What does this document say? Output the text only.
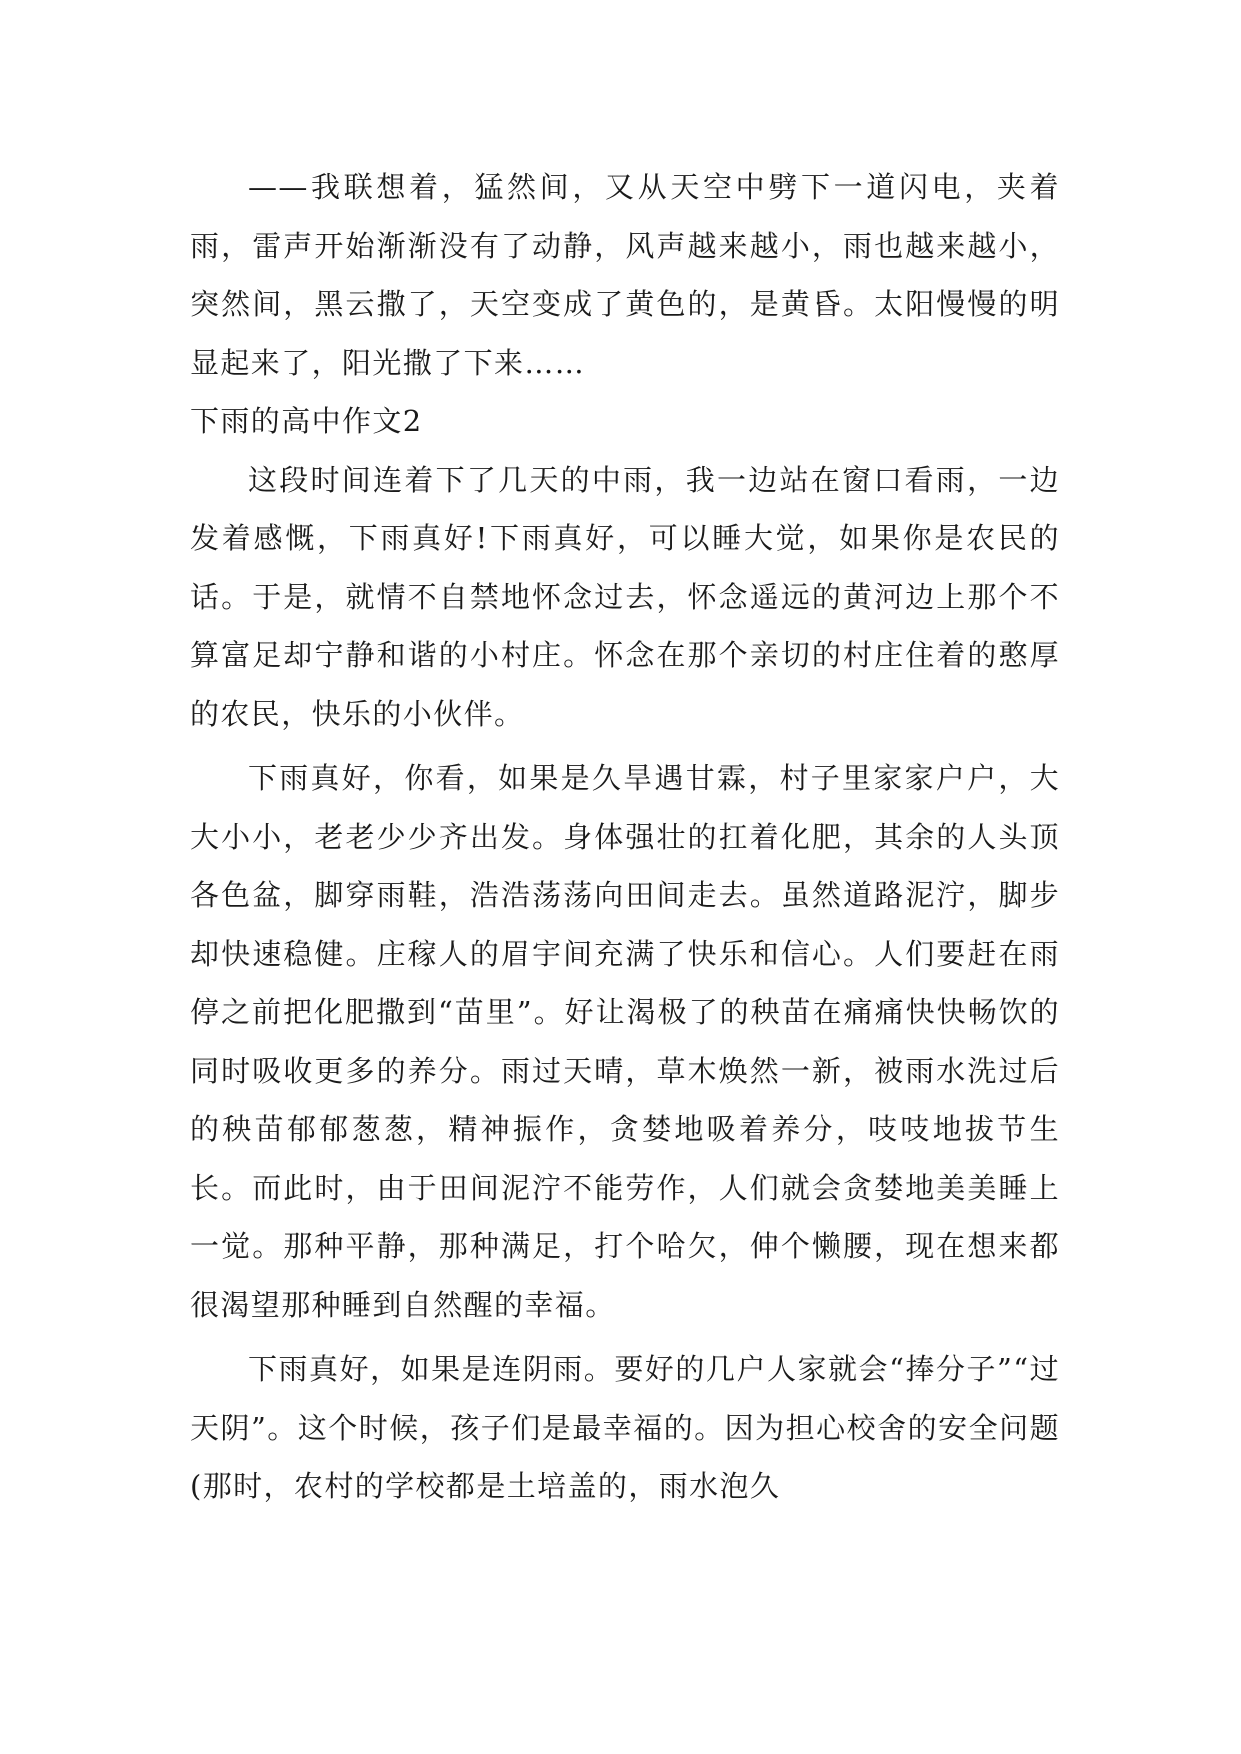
——我联想着，猛然间，又从天空中劈下一道闪电，夹着雨，雷声开始渐渐没有了动静，风声越来越小，雨也越来越小，突然间，黑云撒了，天空变成了黄色的，是黄昏。太阳慢慢的明显起来了，阳光撒了下来……

下雨的高中作文2

这段时间连着下了几天的中雨，我一边站在窗口看雨，一边发着感慨，下雨真好!下雨真好，可以睡大觉，如果你是农民的话。于是，就情不自禁地怀念过去，怀念遥远的黄河边上那个不算富足却宁静和谐的小村庄。怀念在那个亲切的村庄住着的憨厚的农民，快乐的小伙伴。

下雨真好，你看，如果是久旱遇甘霖，村子里家家户户，大大小小，老老少少齐出发。身体强壮的扛着化肥，其余的人头顶各色盆，脚穿雨鞋，浩浩荡荡向田间走去。虽然道路泥泞，脚步却快速稳健。庄稼人的眉宇间充满了快乐和信心。人们要赶在雨停之前把化肥撒到“苗里”。好让渴极了的秧苗在痛痛快快畅饮的同时吸收更多的养分。雨过天晴，草木焕然一新，被雨水洗过后的秧苗郁郁葱葱，精神振作，贪婪地吸着养分，吱吱地拔节生长。而此时，由于田间泥泞不能劳作，人们就会贪婪地美美睡上一觉。那种平静，那种满足，打个哈欠，伸个懒腰，现在想来都很渴望那种睡到自然醒的幸福。

下雨真好，如果是连阴雨。要好的几户人家就会“捧分子”“过天阴”。这个时候，孩子们是最幸福的。因为担心校舍的安全问题(那时，农村的学校都是土培盖的，雨水泡久
